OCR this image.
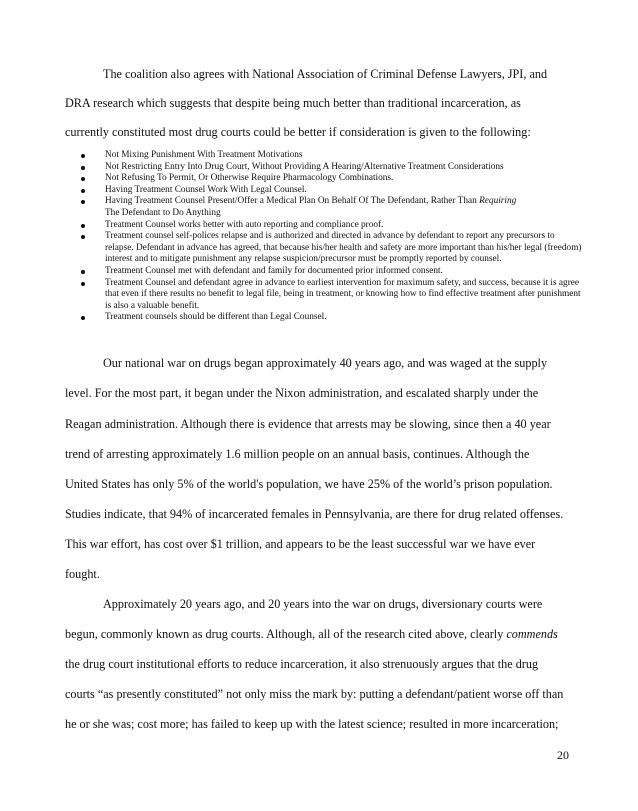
The coalition also agrees with National Association of Criminal Defense Lawyers, JPI, and
DRA research which suggests that despite being much better than traditional incarceration, as
currently constituted most drug courts could be better if consideration is given to the following:
Not Mixing Punishment With Treatment Motivations
Not Restricting Entry Into Drug Court, Without Providing A Hearing/Alternative Treatment Considerations
Not Refusing To Permit, Or Otherwise Require Pharmacology Combinations.
Having Treatment Counsel Work With Legal Counsel.
Having Treatment Counsel Present/Offer a Medical Plan On Behalf Of The Defendant, Rather Than Requiring
The Defendant to Do Anything
Treatment Counsel works better with auto reporting and compliance proof.
Treatment counsel self-polices relapse and is authorized and directed in advance by defendant to report any precursors to relapse. Defendant in advance has agreed, that because his/her health and safety are more important than his/her legal (freedom) interest and to mitigate punishment any relapse suspicion/precursor must be promptly reported by counsel.
Treatment Counsel met with defendant and family for documented prior informed consent.
Treatment Counsel and defendant agree in advance to earliest intervention for maximum safety, and success, because it is agree that even if there results no benefit to legal file, being in treatment, or knowing how to find effective treatment after punishment is also a valuable benefit.
Treatment counsels should be different than Legal Counsel.
Our national war on drugs began approximately 40 years ago, and was waged at the supply
level. For the most part, it began under the Nixon administration, and escalated sharply under the
Reagan administration. Although there is evidence that arrests may be slowing, since then a 40 year
trend of arresting approximately 1.6 million people on an annual basis, continues. Although the
United States has only 5% of the world's population, we have 25% of the world’s prison population.
Studies indicate, that 94% of incarcerated females in Pennsylvania, are there for drug related offenses.
This war effort, has cost over $1 trillion, and appears to be the least successful war we have ever
fought.
Approximately 20 years ago, and 20 years into the war on drugs, diversionary courts were
begun, commonly known as drug courts. Although, all of the research cited above, clearly commends
the drug court institutional efforts to reduce incarceration, it also strenuously argues that the drug
courts “as presently constituted” not only miss the mark by: putting a defendant/patient worse off than
he or she was; cost more; has failed to keep up with the latest science; resulted in more incarceration;
20
